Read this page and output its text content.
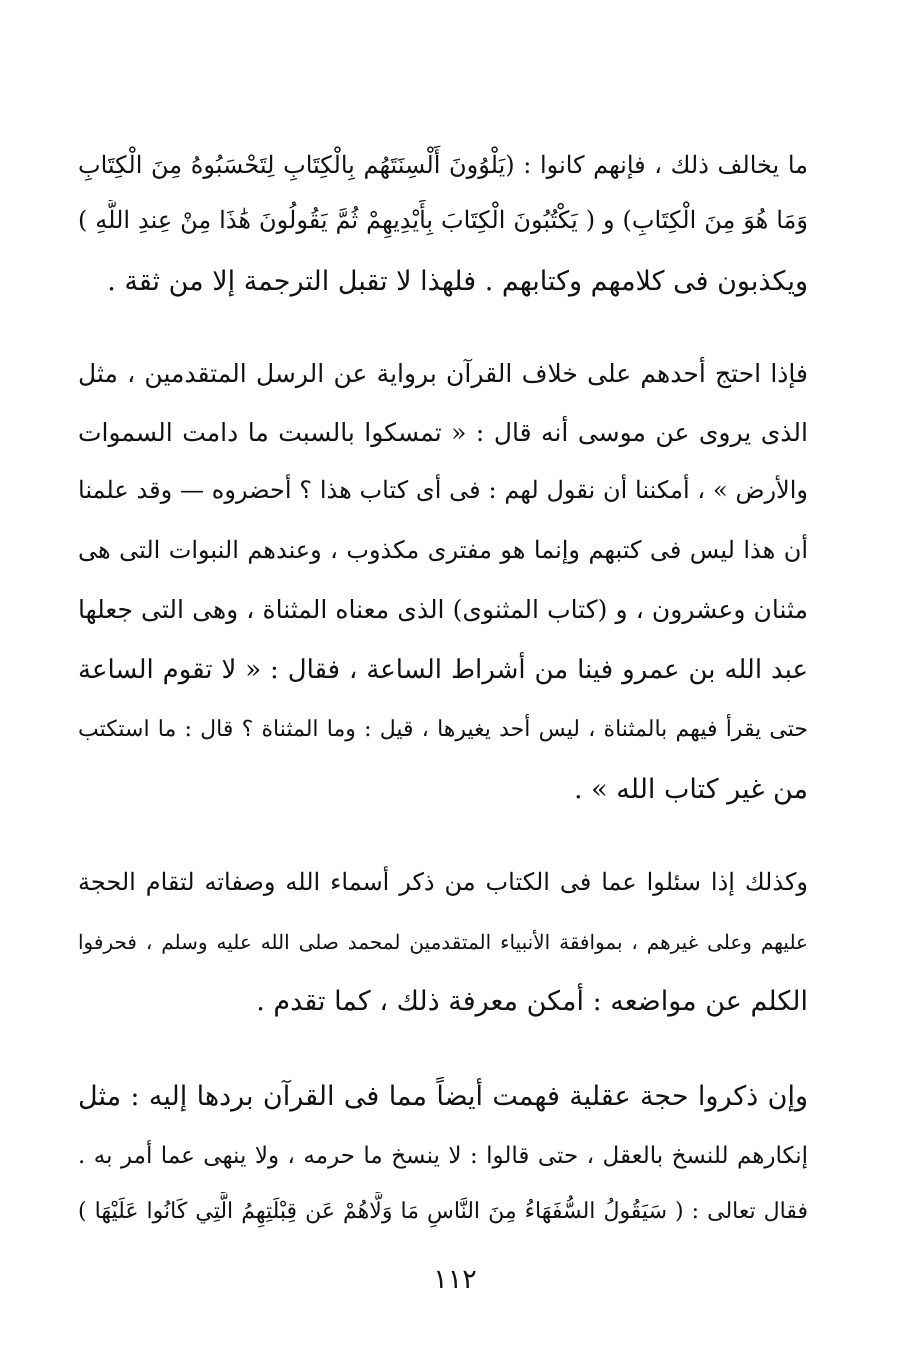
ما يخالف ذلك ، فإنهم كانوا : (يَلْوُونَ أَلْسِنَتَهُم بِالْكِتَابِ لِتَحْسَبُوهُ مِنَ الْكِتَابِ
وَمَا هُوَ مِنَ الْكِتَابِ) و ( يَكْتُبُونَ الْكِتَابَ بِأَيْدِيهِمْ ثُمَّ يَقُولُونَ هَٰذَا مِنْ عِندِ اللَّهِ )
ويكذبون فى كلامهم وكتابهم . فلهذا لا تقبل الترجمة إلا من ثقة .
فإذا احتج أحدهم على خلاف القرآن برواية عن الرسل المتقدمين ، مثل
الذى يروى عن موسى أنه قال : « تمسكوا بالسبت ما دامت السموات
والأرض » ، أمكننا أن نقول لهم : فى أى كتاب هذا ؟ أحضروه — وقد علمنا
أن هذا ليس فى كتبهم وإنما هو مفترى مكذوب ، وعندهم النبوات التى هى
مثنان وعشرون ، و (كتاب المثنوى) الذى معناه المثناة ، وهى التى جعلها
عبد الله بن عمرو فينا من أشراط الساعة ، فقال : « لا تقوم الساعة
حتى يقرأ فيهم بالمثناة ، ليس أحد يغيرها ، قيل : وما المثناة ؟ قال : ما استكتب
من غير كتاب الله » .
وكذلك إذا سئلوا عما فى الكتاب من ذكر أسماء الله وصفاته لتقام الحجة
عليهم وعلى غيرهم ، بموافقة الأنبياء المتقدمين لمحمد صلى الله عليه وسلم ، فحرفوا
الكلم عن مواضعه : أمكن معرفة ذلك ، كما تقدم .
وإن ذكروا حجة عقلية فهمت أيضاً مما فى القرآن بردها إليه : مثل
إنكارهم للنسخ بالعقل ، حتى قالوا : لا ينسخ ما حرمه ، ولا ينهى عما أمر به .
فقال تعالى : ( سَيَقُولُ السُّفَهَاءُ مِنَ النَّاسِ مَا وَلَّاهُمْ عَن قِبْلَتِهِمُ الَّتِي كَانُوا عَلَيْهَا )
١١٢
